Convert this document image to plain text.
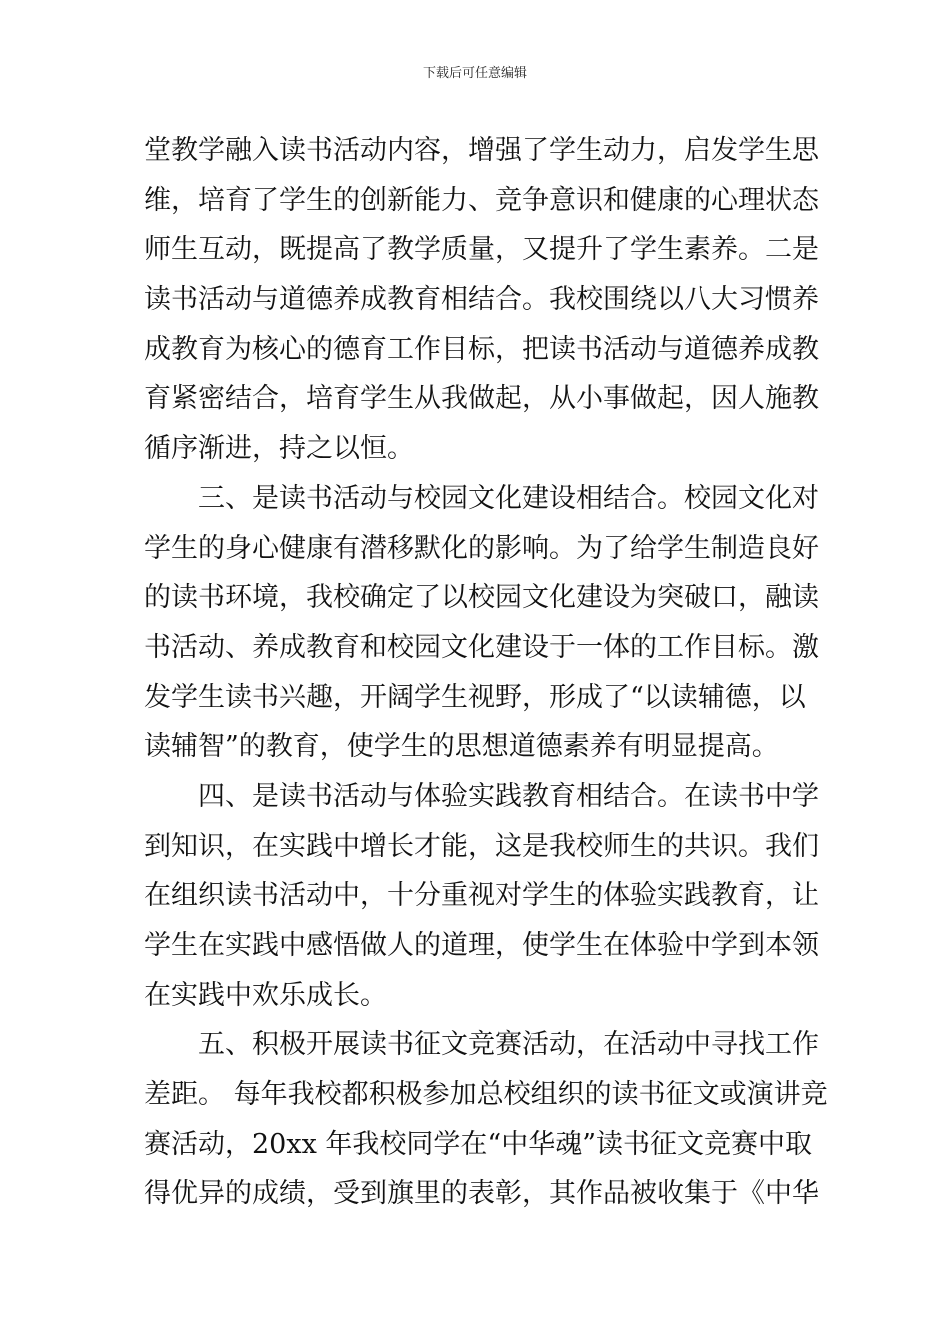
下载后可任意编辑
堂教学融入读书活动内容，增强了学生动力，启发学生思
维，培育了学生的创新能力、竞争意识和健康的心理状态
师生互动，既提高了教学质量，又提升了学生素养。二是
读书活动与道德养成教育相结合。我校围绕以八大习惯养
成教育为核心的德育工作目标，把读书活动与道德养成教
育紧密结合，培育学生从我做起，从小事做起，因人施教
循序渐进，持之以恒。
三、是读书活动与校园文化建设相结合。校园文化对
学生的身心健康有潜移默化的影响。为了给学生制造良好
的读书环境，我校确定了以校园文化建设为突破口，融读
书活动、养成教育和校园文化建设于一体的工作目标。激
发学生读书兴趣，开阔学生视野，形成了“以读辅德，以
读辅智”的教育，使学生的思想道德素养有明显提高。
四、是读书活动与体验实践教育相结合。在读书中学
到知识，在实践中增长才能，这是我校师生的共识。我们
在组织读书活动中，十分重视对学生的体验实践教育，让
学生在实践中感悟做人的道理，使学生在体验中学到本领
在实践中欢乐成长。
五、积极开展读书征文竞赛活动，在活动中寻找工作
差距。 每年我校都积极参加总校组织的读书征文或演讲竞
赛活动，20xx 年我校同学在“中华魂”读书征文竞赛中取
得优异的成绩，受到旗里的表彰，其作品被收集于《中华
